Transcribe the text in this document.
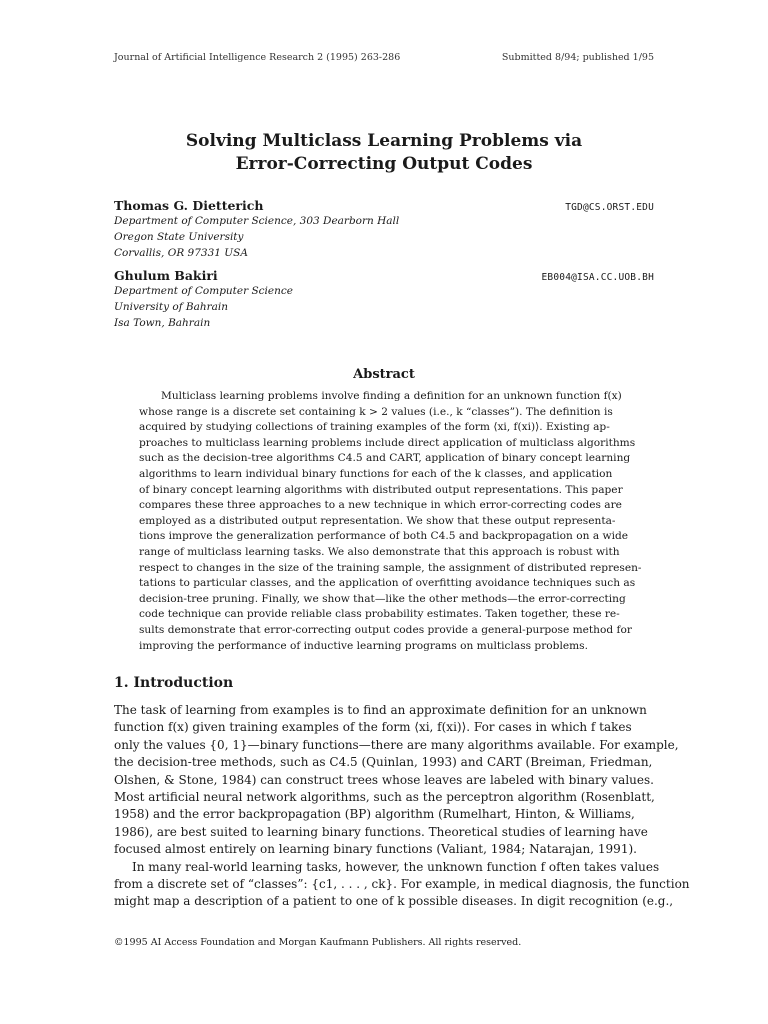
Journal of Artificial Intelligence Research 2 (1995) 263-286	Submitted 8/94; published 1/95
Solving Multiclass Learning Problems via
Error-Correcting Output Codes
Thomas G. Dietterich	TGD@CS.ORST.EDU
Department of Computer Science, 303 Dearborn Hall
Oregon State University
Corvallis, OR 97331 USA
Ghulum Bakiri	EB004@ISA.CC.UOB.BH
Department of Computer Science
University of Bahrain
Isa Town, Bahrain
Abstract
Multiclass learning problems involve finding a definition for an unknown function f(x)
whose range is a discrete set containing k > 2 values (i.e., k “classes”). The definition is
acquired by studying collections of training examples of the form ⟨xi, f(xi)⟩. Existing ap-
proaches to multiclass learning problems include direct application of multiclass algorithms
such as the decision-tree algorithms C4.5 and CART, application of binary concept learning
algorithms to learn individual binary functions for each of the k classes, and application
of binary concept learning algorithms with distributed output representations. This paper
compares these three approaches to a new technique in which error-correcting codes are
employed as a distributed output representation. We show that these output representa-
tions improve the generalization performance of both C4.5 and backpropagation on a wide
range of multiclass learning tasks. We also demonstrate that this approach is robust with
respect to changes in the size of the training sample, the assignment of distributed represen-
tations to particular classes, and the application of overfitting avoidance techniques such as
decision-tree pruning. Finally, we show that—like the other methods—the error-correcting
code technique can provide reliable class probability estimates. Taken together, these re-
sults demonstrate that error-correcting output codes provide a general-purpose method for
improving the performance of inductive learning programs on multiclass problems.
1. Introduction
The task of learning from examples is to find an approximate definition for an unknown
function f(x) given training examples of the form ⟨xi, f(xi)⟩. For cases in which f takes
only the values {0, 1}—binary functions—there are many algorithms available. For example,
the decision-tree methods, such as C4.5 (Quinlan, 1993) and CART (Breiman, Friedman,
Olshen, & Stone, 1984) can construct trees whose leaves are labeled with binary values.
Most artificial neural network algorithms, such as the perceptron algorithm (Rosenblatt,
1958) and the error backpropagation (BP) algorithm (Rumelhart, Hinton, & Williams,
1986), are best suited to learning binary functions. Theoretical studies of learning have
focused almost entirely on learning binary functions (Valiant, 1984; Natarajan, 1991).
In many real-world learning tasks, however, the unknown function f often takes values
from a discrete set of “classes”: {c1, . . . , ck}. For example, in medical diagnosis, the function
might map a description of a patient to one of k possible diseases. In digit recognition (e.g.,
©1995 AI Access Foundation and Morgan Kaufmann Publishers. All rights reserved.
